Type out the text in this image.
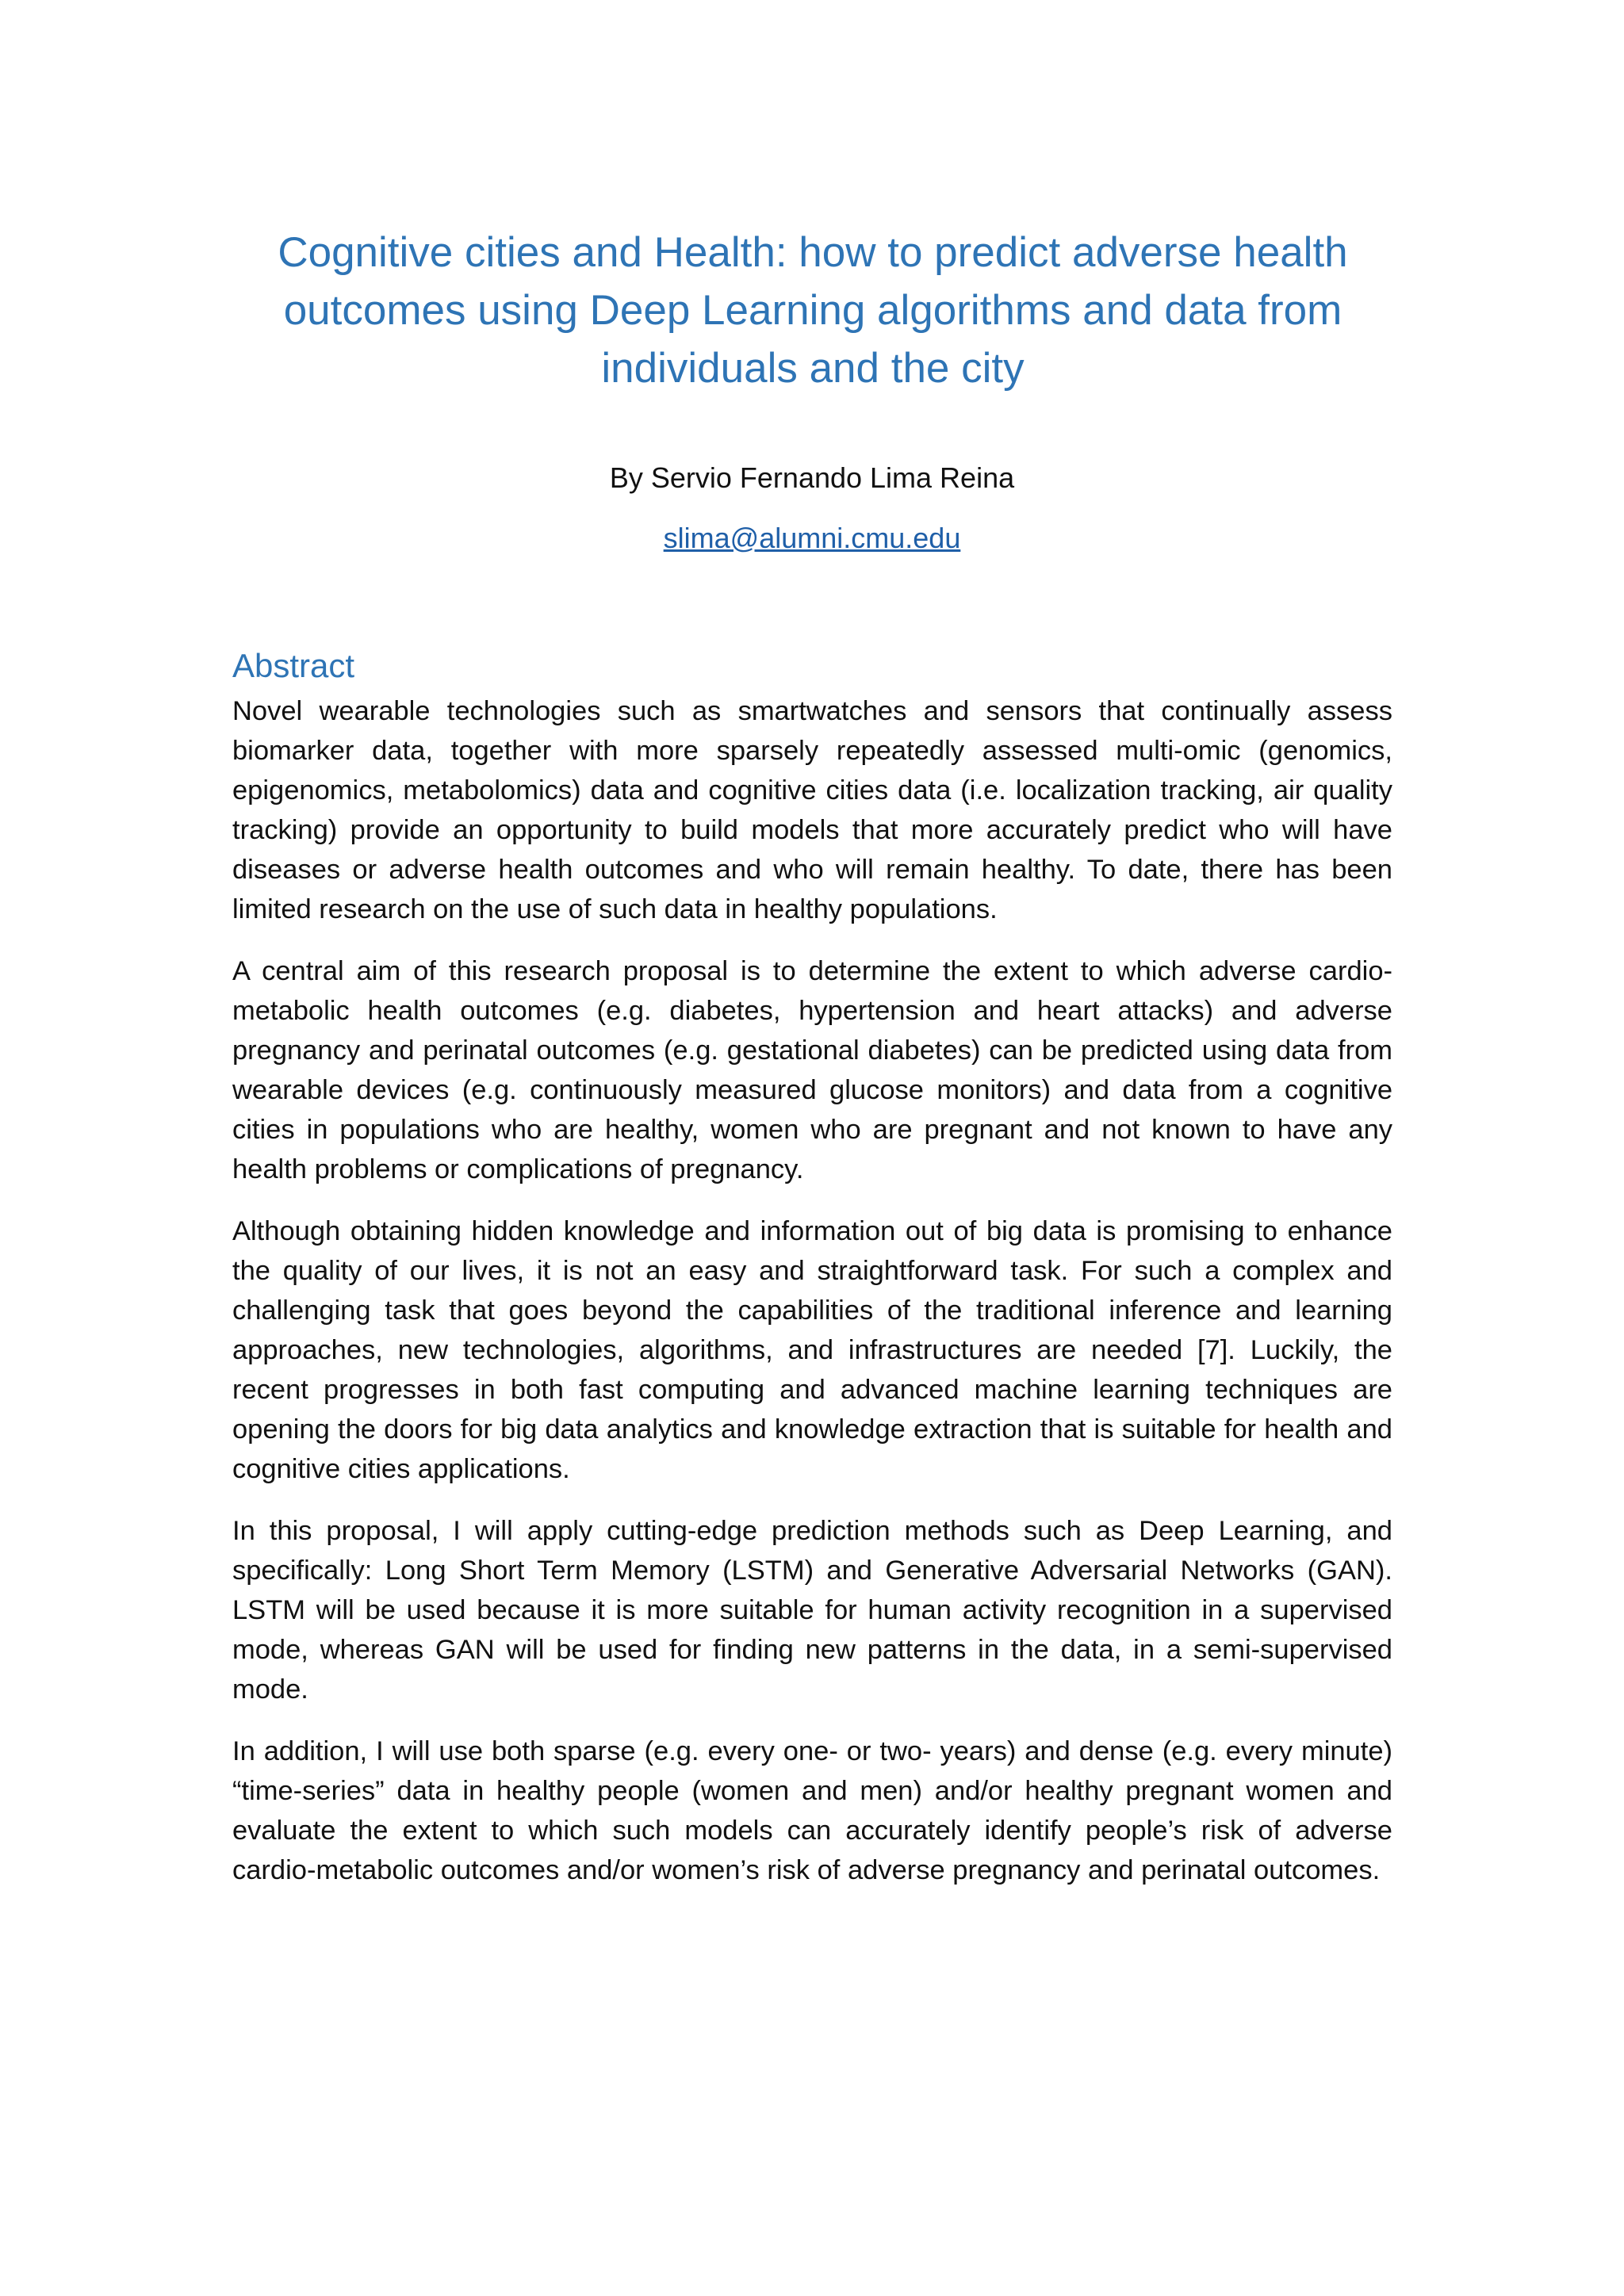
Cognitive cities and Health: how to predict adverse health outcomes using Deep Learning algorithms and data from individuals and the city
By Servio Fernando Lima Reina
slima@alumni.cmu.edu
Abstract

Novel wearable technologies such as smartwatches and sensors that continually assess biomarker data, together with more sparsely repeatedly assessed multi-omic (genomics, epigenomics, metabolomics) data and cognitive cities data (i.e. localization tracking, air quality tracking) provide an opportunity to build models that more accurately predict who will have diseases or adverse health outcomes and who will remain healthy. To date, there has been limited research on the use of such data in healthy populations.

A central aim of this research proposal is to determine the extent to which adverse cardio-metabolic health outcomes (e.g. diabetes, hypertension and heart attacks) and adverse pregnancy and perinatal outcomes (e.g. gestational diabetes) can be predicted using data from wearable devices (e.g. continuously measured glucose monitors) and data from a cognitive cities in populations who are healthy, women who are pregnant and not known to have any health problems or complications of pregnancy.

Although obtaining hidden knowledge and information out of big data is promising to enhance the quality of our lives, it is not an easy and straightforward task. For such a complex and challenging task that goes beyond the capabilities of the traditional inference and learning approaches, new technologies, algorithms, and infrastructures are needed [7]. Luckily, the recent progresses in both fast computing and advanced machine learning techniques are opening the doors for big data analytics and knowledge extraction that is suitable for health and cognitive cities applications.

In this proposal, I will apply cutting-edge prediction methods such as Deep Learning, and specifically: Long Short Term Memory (LSTM) and Generative Adversarial Networks (GAN). LSTM will be used because it is more suitable for human activity recognition in a supervised mode, whereas GAN will be used for finding new patterns in the data, in a semi-supervised mode.

In addition, I will use both sparse (e.g. every one- or two- years) and dense (e.g. every minute) “time-series” data in healthy people (women and men) and/or healthy pregnant women and evaluate the extent to which such models can accurately identify people’s risk of adverse cardio-metabolic outcomes and/or women’s risk of adverse pregnancy and perinatal outcomes.
